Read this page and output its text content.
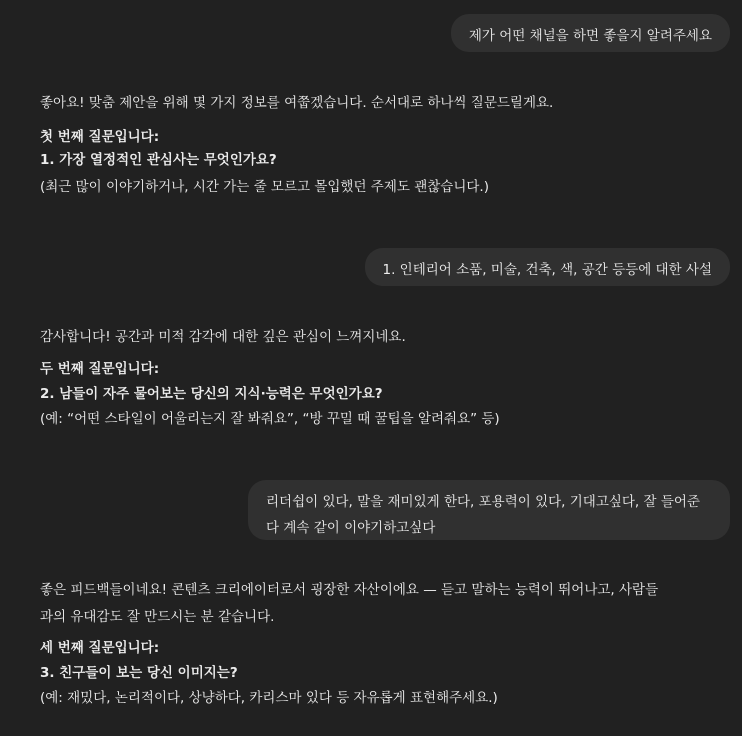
제가 어떤 채널을 하면 좋을지 알려주세요
좋아요! 맞춤 제안을 위해 몇 가지 정보를 여쭙겠습니다. 순서대로 하나씩 질문드릴게요.
첫 번째 질문입니다:
1. 가장 열정적인 관심사는 무엇인가요?
(최근 많이 이야기하거나, 시간 가는 줄 모르고 몰입했던 주제도 괜찮습니다.)
1. 인테리어 소품, 미술, 건축, 색, 공간 등등에 대한 사설
감사합니다! 공간과 미적 감각에 대한 깊은 관심이 느껴지네요.
두 번째 질문입니다:
2. 남들이 자주 물어보는 당신의 지식·능력은 무엇인가요?
(예: “어떤 스타일이 어울리는지 잘 봐줘요”, “방 꾸밀 때 꿀팁을 알려줘요” 등)
리더쉽이 있다, 말을 재미있게 한다, 포용력이 있다, 기대고싶다, 잘 들어준다 계속 같이 이야기하고싶다
좋은 피드백들이네요! 콘텐츠 크리에이터로서 굉장한 자산이에요 — 듣고 말하는 능력이 뛰어나고, 사람들
과의 유대감도 잘 만드시는 분 같습니다.
세 번째 질문입니다:
3. 친구들이 보는 당신 이미지는?
(예: 재밌다, 논리적이다, 상냥하다, 카리스마 있다 등 자유롭게 표현해주세요.)
